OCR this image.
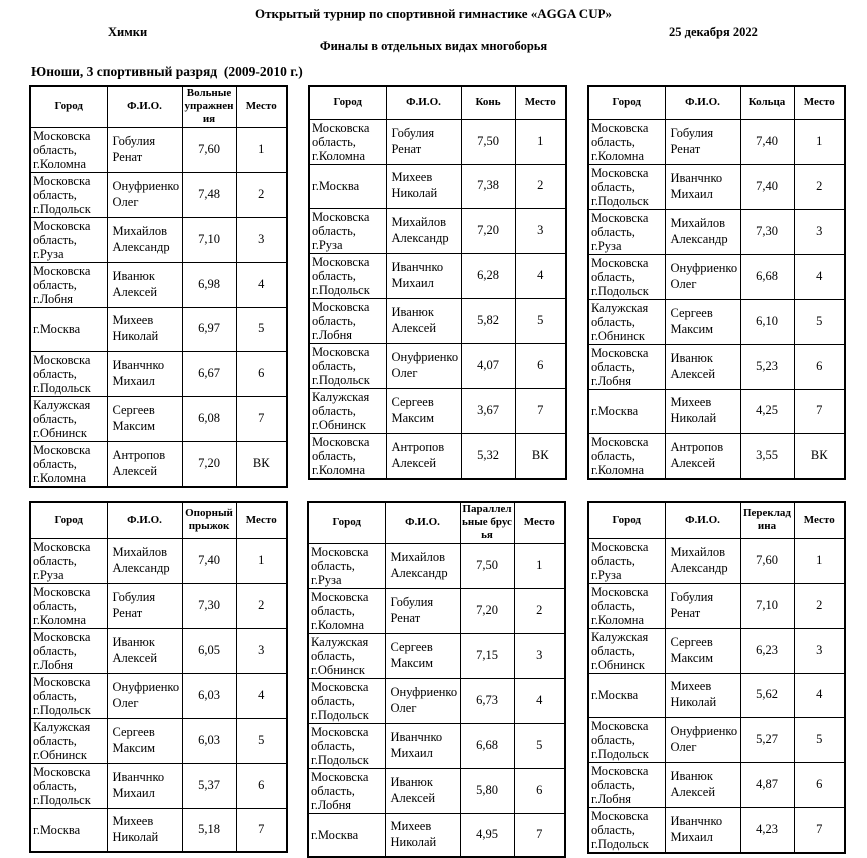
Открытый турнир по спортивной гимнастике «AGGA CUP»
Химки	25 декабря 2022
Финалы в отдельных видах многоборья
Юноши, 3 спортивный разряд  (2009-2010 г.)
Город	Ф.И.О.	Вольные упражнения	Место
Московска область, г.Коломна	Гобулия Ренат	7,60	1
Московска область, г.Подольск	Онуфриенко Олег	7,48	2
Московска область, г.Руза	Михайлов Александр	7,10	3
Московска область, г.Лобня	Иванюк Алексей	6,98	4
г.Москва	Михеев Николай	6,97	5
Московска область, г.Подольск	Иванчнко Михаил	6,67	6
Калужская область, г.Обнинск	Сергеев Максим	6,08	7
Московска область, г.Коломна	Антропов Алексей	7,20	ВК
Город	Ф.И.О.	Конь	Место
Московска область, г.Коломна	Гобулия Ренат	7,50	1
г.Москва	Михеев Николай	7,38	2
Московска область, г.Руза	Михайлов Александр	7,20	3
Московска область, г.Подольск	Иванчнко Михаил	6,28	4
Московска область, г.Лобня	Иванюк Алексей	5,82	5
Московска область, г.Подольск	Онуфриенко Олег	4,07	6
Калужская область, г.Обнинск	Сергеев Максим	3,67	7
Московска область, г.Коломна	Антропов Алексей	5,32	ВК
Город	Ф.И.О.	Кольца	Место
Московска область, г.Коломна	Гобулия Ренат	7,40	1
Московска область, г.Подольск	Иванчнко Михаил	7,40	2
Московска область, г.Руза	Михайлов Александр	7,30	3
Московска область, г.Подольск	Онуфриенко Олег	6,68	4
Калужская область, г.Обнинск	Сергеев Максим	6,10	5
Московска область, г.Лобня	Иванюк Алексей	5,23	6
г.Москва	Михеев Николай	4,25	7
Московска область, г.Коломна	Антропов Алексей	3,55	ВК
Город	Ф.И.О.	Опорный прыжок	Место
Московска область, г.Руза	Михайлов Александр	7,40	1
Московска область, г.Коломна	Гобулия Ренат	7,30	2
Московска область, г.Лобня	Иванюк Алексей	6,05	3
Московска область, г.Подольск	Онуфриенко Олег	6,03	4
Калужская область, г.Обнинск	Сергеев Максим	6,03	5
Московска область, г.Подольск	Иванчнко Михаил	5,37	6
г.Москва	Михеев Николай	5,18	7
Город	Ф.И.О.	Параллельные брусья	Место
Московска область, г.Руза	Михайлов Александр	7,50	1
Московска область, г.Коломна	Гобулия Ренат	7,20	2
Калужская область, г.Обнинск	Сергеев Максим	7,15	3
Московска область, г.Подольск	Онуфриенко Олег	6,73	4
Московска область, г.Подольск	Иванчнко Михаил	6,68	5
Московска область, г.Лобня	Иванюк Алексей	5,80	6
г.Москва	Михеев Николай	4,95	7
Город	Ф.И.О.	Перекладина	Место
Московска область, г.Руза	Михайлов Александр	7,60	1
Московска область, г.Коломна	Гобулия Ренат	7,10	2
Калужская область, г.Обнинск	Сергеев Максим	6,23	3
г.Москва	Михеев Николай	5,62	4
Московска область, г.Подольск	Онуфриенко Олег	5,27	5
Московска область, г.Лобня	Иванюк Алексей	4,87	6
Московска область, г.Подольск	Иванчнко Михаил	4,23	7
